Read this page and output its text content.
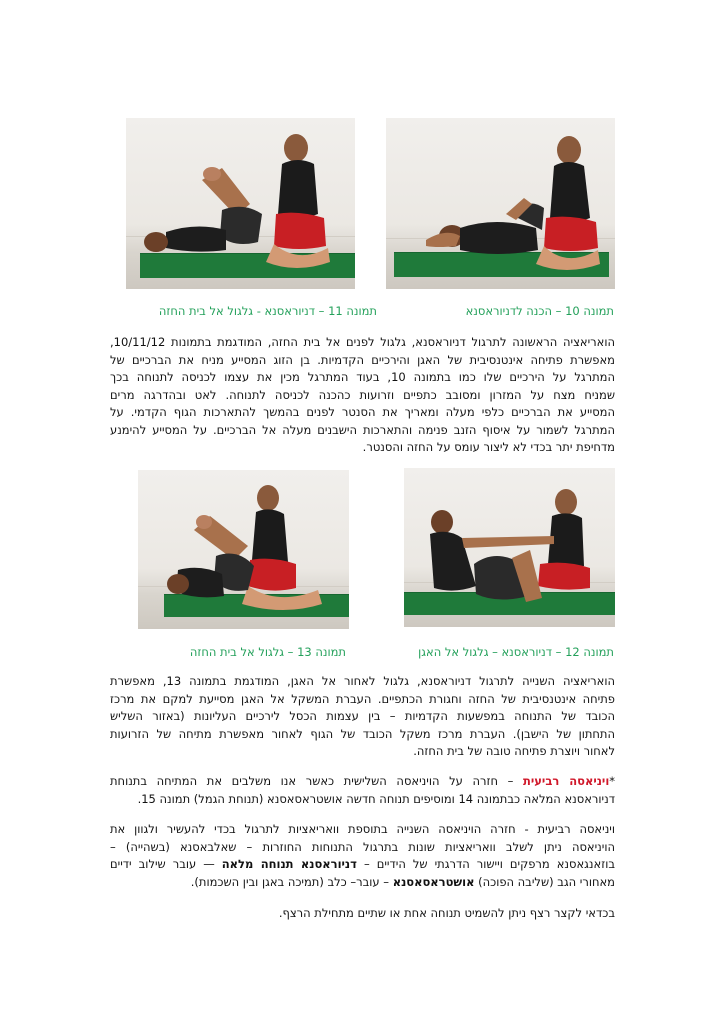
תמונה 10 – הכנה לדניוראסנא
תמונה 11 – דניוראסנא - גלגול אל בית החזה
הואריאציה הראשונה לתרגול דניוראסנא, גלגול לפנים אל בית החזה, המודגמת בתמונות 10/11/12,
מאפשרת פתיחה אינטנסיבית של האגן והירכיים הקדמיות. בן הזוג המסייע מניח את הברכיים של
המתרגל על הירכיים שלו כמו בתמונה 10, בעוד המתרגל מכין את עצמו לכניסה לתנוחה בכך
שמניח מצח על המזרון ומסובב כתפיים וזרועות כהכנה לכניסה לתנוחה. לאט ובהדרגה מרים
המסייע את הברכיים כלפי מעלה ומאריך את הסנטר לפנים בהמשך להתארכות הגוף הקדמי. על
המתרגל לשמור על איסוף הזנב פנימה והתארכות הישבנים מעלה אל הברכיים. על המסייע להימנע
מדחיפת יתר בכדי לא ליצור עומס על החזה והסנטר.
תמונה 12 – דניוראסנא – גלגול אל האגן
תמונה 13 – גלגול אל בית החזה
הואריאציה השנייה לתרגול דניוראסנא, גלגול לאחור אל האגן, המודגמת בתמונה 13, מאפשרת
פתיחה אינטנסיבית של החזה וחגורת הכתפיים. העברת המשקל אל האגן מסייעת למקם את מרכז
הכובד של התנוחה במפשעות הקדמיות – בין עצמות הכסל לירכיים העליונות (באזור השליש
התחתון של הישבן). העברת מרכז משקל הכובד של הגוף לאחור מאפשרת מתיחה של הזרועות
לאחור ויוצרת פתיחה טובה של בית החזה.
*ויניאסה רביעית – חזרה על הויניאסה השלישית כאשר אנו משלבים את המתיחה בתנוחת
דניוראסנא המלאה כבתמונה 14 ומוסיפים תנוחה חדשה אושטראסאסנא (תנוחת הגמל) תמונה 15.
ויניאסה רביעית - חזרה הויניאסה השנייה בתוספת וואריאציות לתרגול בכדי להעשיר ולגוון את
הויניאסה ניתן לשלב וואריאציות שונות בתרגול התנוחות החוזרות – שאלבאסנא (בשהייה) –
בוזאנגאסנא מרפקים ויישור הדרגתי של הידיים – דניוראסנא תנוחה מלאה — עובר שילוב ידיים
מאחורי הגב (שליבה הפוכה) אושטראסאסנא – עובר– כלב (תמיכה באגן ובין השכמות).
בכדאי לקצר רצף ניתן להשמיט תנוחה אחת או שתיים מתחילת הרצף.
